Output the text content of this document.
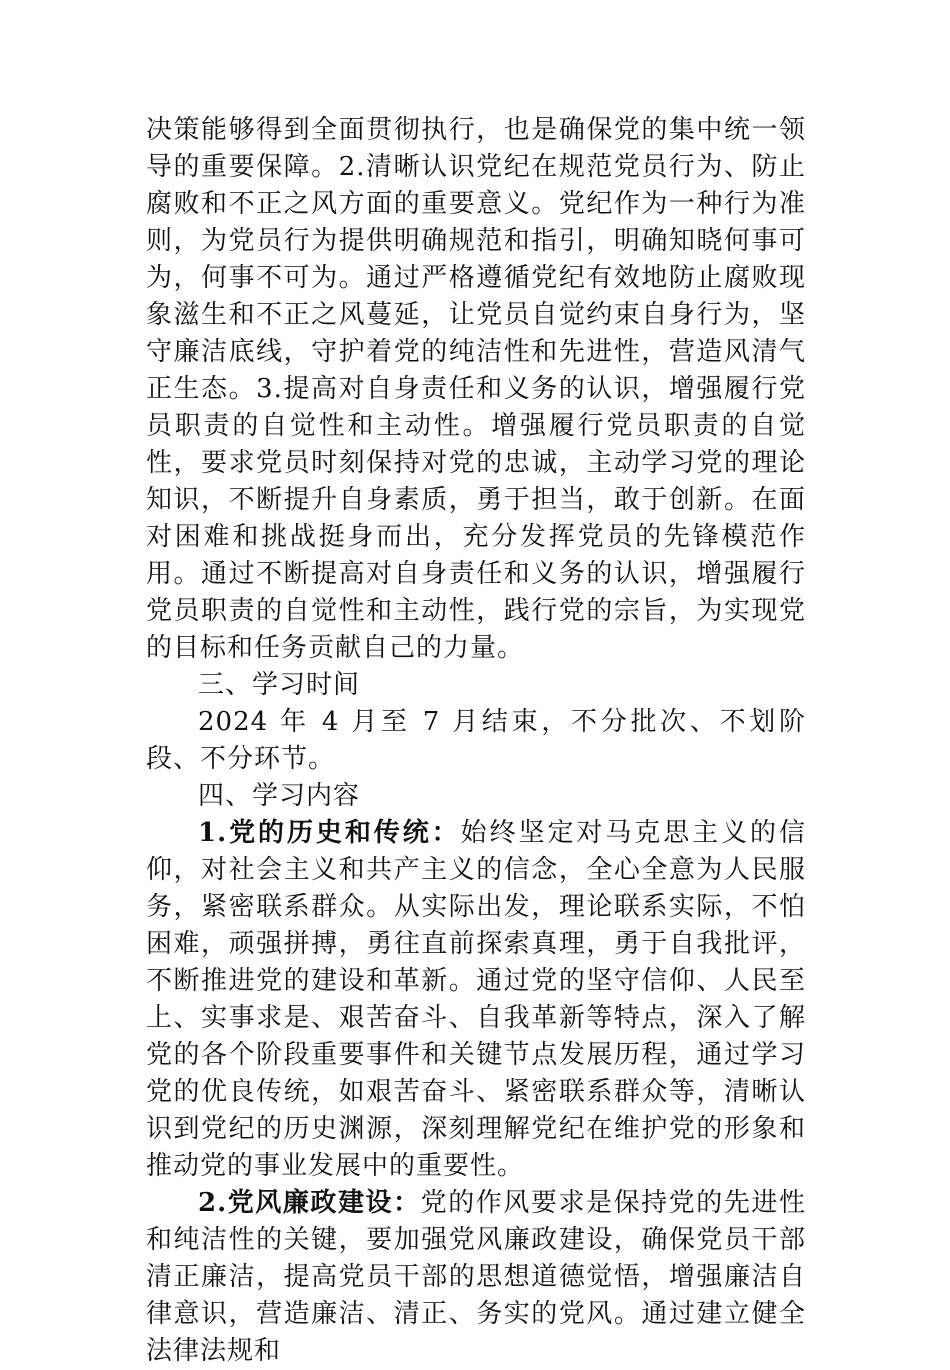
决策能够得到全面贯彻执行，也是确保党的集中统一领导的重要保障。2.清晰认识党纪在规范党员行为、防止腐败和不正之风方面的重要意义。党纪作为一种行为准则，为党员行为提供明确规范和指引，明确知晓何事可为，何事不可为。通过严格遵循党纪有效地防止腐败现象滋生和不正之风蔓延，让党员自觉约束自身行为，坚守廉洁底线，守护着党的纯洁性和先进性，营造风清气正生态。3.提高对自身责任和义务的认识，增强履行党员职责的自觉性和主动性。增强履行党员职责的自觉性，要求党员时刻保持对党的忠诚，主动学习党的理论知识，不断提升自身素质，勇于担当，敢于创新。在面对困难和挑战挺身而出，充分发挥党员的先锋模范作用。通过不断提高对自身责任和义务的认识，增强履行党员职责的自觉性和主动性，践行党的宗旨，为实现党的目标和任务贡献自己的力量。

三、学习时间

2024 年 4 月至 7 月结束，不分批次、不划阶段、不分环节。

四、学习内容

1.党的历史和传统：始终坚定对马克思主义的信仰，对社会主义和共产主义的信念，全心全意为人民服务，紧密联系群众。从实际出发，理论联系实际，不怕困难，顽强拼搏，勇往直前探索真理，勇于自我批评，不断推进党的建设和革新。通过党的坚守信仰、人民至上、实事求是、艰苦奋斗、自我革新等特点，深入了解党的各个阶段重要事件和关键节点发展历程，通过学习党的优良传统，如艰苦奋斗、紧密联系群众等，清晰认识到党纪的历史渊源，深刻理解党纪在维护党的形象和推动党的事业发展中的重要性。

2.党风廉政建设：党的作风要求是保持党的先进性和纯洁性的关键，要加强党风廉政建设，确保党员干部清正廉洁，提高党员干部的思想道德觉悟，增强廉洁自律意识，营造廉洁、清正、务实的党风。通过建立健全法律法规和
